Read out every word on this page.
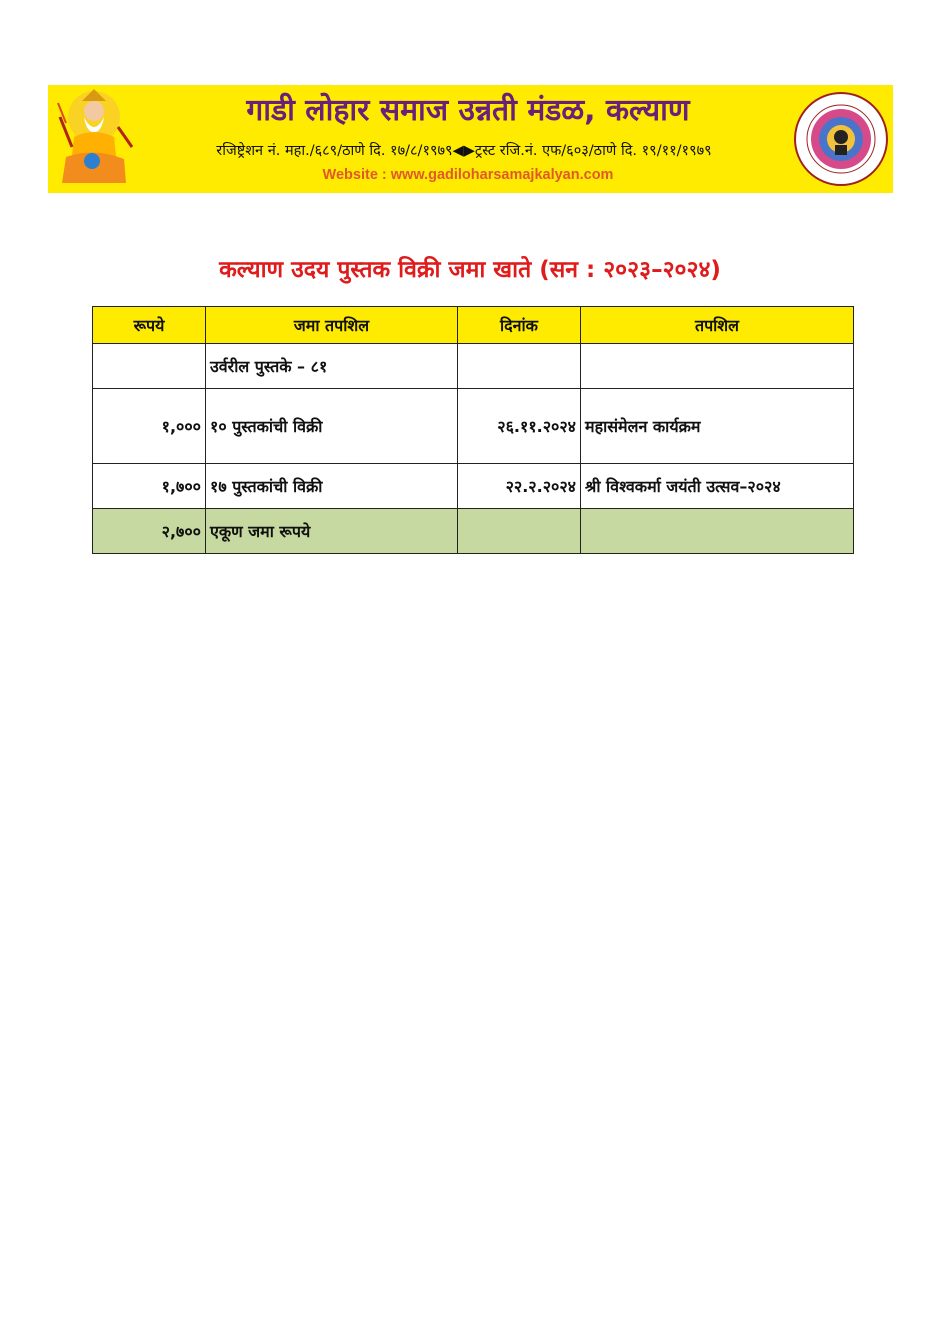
गाडी लोहार समाज उन्नती मंडळ, कल्याण
रजिष्ट्रेशन नं. महा./६८९/ठाणे दि. १७/८/१९७९◀▶ट्रस्ट रजि.नं. एफ/६०३/ठाणे दि. १९/११/१९७९
Website : www.gadiloharsamajkalyan.com
कल्याण उदय पुस्तक विक्री जमा खाते (सन : २०२३–२०२४)
रूपये	जमा तपशिल	दिनांक	तपशिल
	उर्वरील पुस्तके – ८१		
१,०००	१० पुस्तकांची विक्री	२६.११.२०२४	महासंमेलन कार्यक्रम
१,७००	१७ पुस्तकांची विक्री	२२.२.२०२४	श्री विश्वकर्मा जयंती उत्सव–२०२४
२,७००	एकूण जमा रूपये		
